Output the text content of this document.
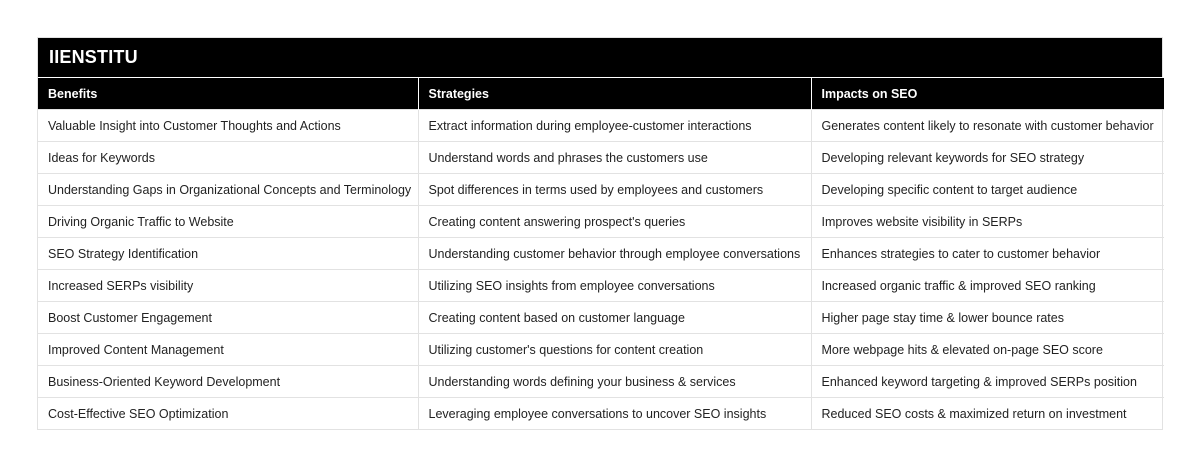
IIENSTITU
Benefits	Strategies	Impacts on SEO
Valuable Insight into Customer Thoughts and Actions	Extract information during employee-customer interactions	Generates content likely to resonate with customer behavior
Ideas for Keywords	Understand words and phrases the customers use	Developing relevant keywords for SEO strategy
Understanding Gaps in Organizational Concepts and Terminology	Spot differences in terms used by employees and customers	Developing specific content to target audience
Driving Organic Traffic to Website	Creating content answering prospect's queries	Improves website visibility in SERPs
SEO Strategy Identification	Understanding customer behavior through employee conversations	Enhances strategies to cater to customer behavior
Increased SERPs visibility	Utilizing SEO insights from employee conversations	Increased organic traffic & improved SEO ranking
Boost Customer Engagement	Creating content based on customer language	Higher page stay time & lower bounce rates
Improved Content Management	Utilizing customer's questions for content creation	More webpage hits & elevated on-page SEO score
Business-Oriented Keyword Development	Understanding words defining your business & services	Enhanced keyword targeting & improved SERPs position
Cost-Effective SEO Optimization	Leveraging employee conversations to uncover SEO insights	Reduced SEO costs & maximized return on investment
